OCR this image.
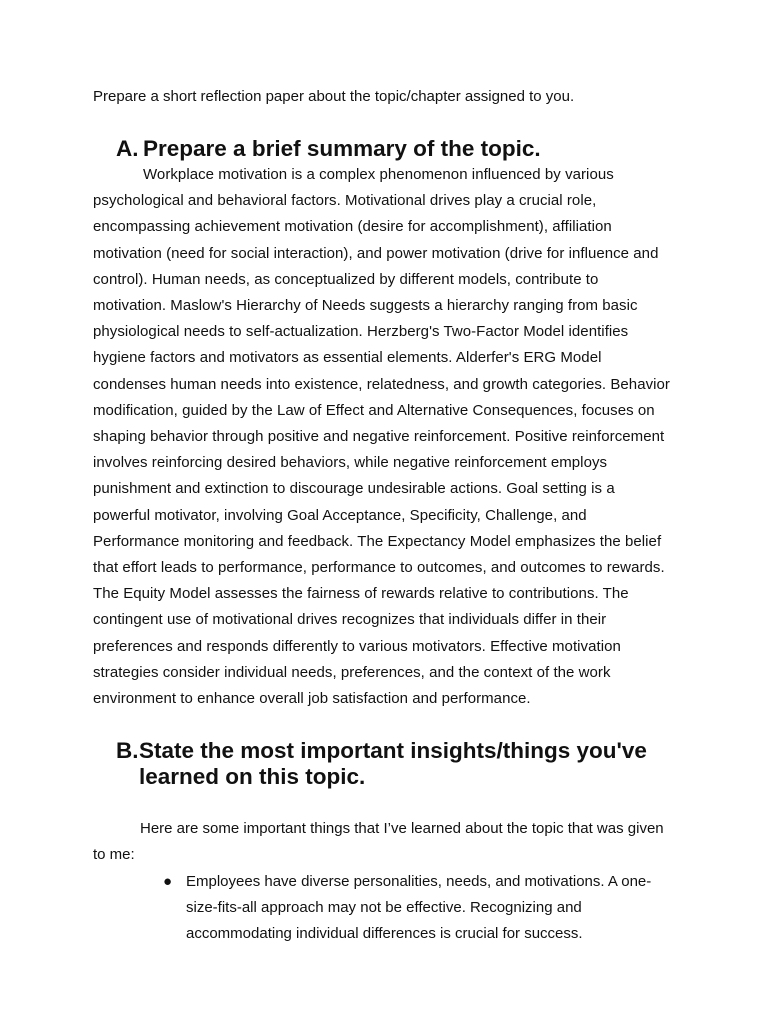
Prepare a short reflection paper about the topic/chapter assigned to you.

A. Prepare a brief summary of the topic.

Workplace motivation is a complex phenomenon influenced by various psychological and behavioral factors. Motivational drives play a crucial role, encompassing achievement motivation (desire for accomplishment), affiliation motivation (need for social interaction), and power motivation (drive for influence and control). Human needs, as conceptualized by different models, contribute to motivation. Maslow's Hierarchy of Needs suggests a hierarchy ranging from basic physiological needs to self-actualization. Herzberg's Two-Factor Model identifies hygiene factors and motivators as essential elements. Alderfer's ERG Model condenses human needs into existence, relatedness, and growth categories. Behavior modification, guided by the Law of Effect and Alternative Consequences, focuses on shaping behavior through positive and negative reinforcement. Positive reinforcement involves reinforcing desired behaviors, while negative reinforcement employs punishment and extinction to discourage undesirable actions. Goal setting is a powerful motivator, involving Goal Acceptance, Specificity, Challenge, and Performance monitoring and feedback. The Expectancy Model emphasizes the belief that effort leads to performance, performance to outcomes, and outcomes to rewards. The Equity Model assesses the fairness of rewards relative to contributions. The contingent use of motivational drives recognizes that individuals differ in their preferences and responds differently to various motivators. Effective motivation strategies consider individual needs, preferences, and the context of the work environment to enhance overall job satisfaction and performance.

B. State the most important insights/things you've learned on this topic.

Here are some important things that I’ve learned about the topic that was given to me:

● Employees have diverse personalities, needs, and motivations. A one-size-fits-all approach may not be effective. Recognizing and accommodating individual differences is crucial for success.
